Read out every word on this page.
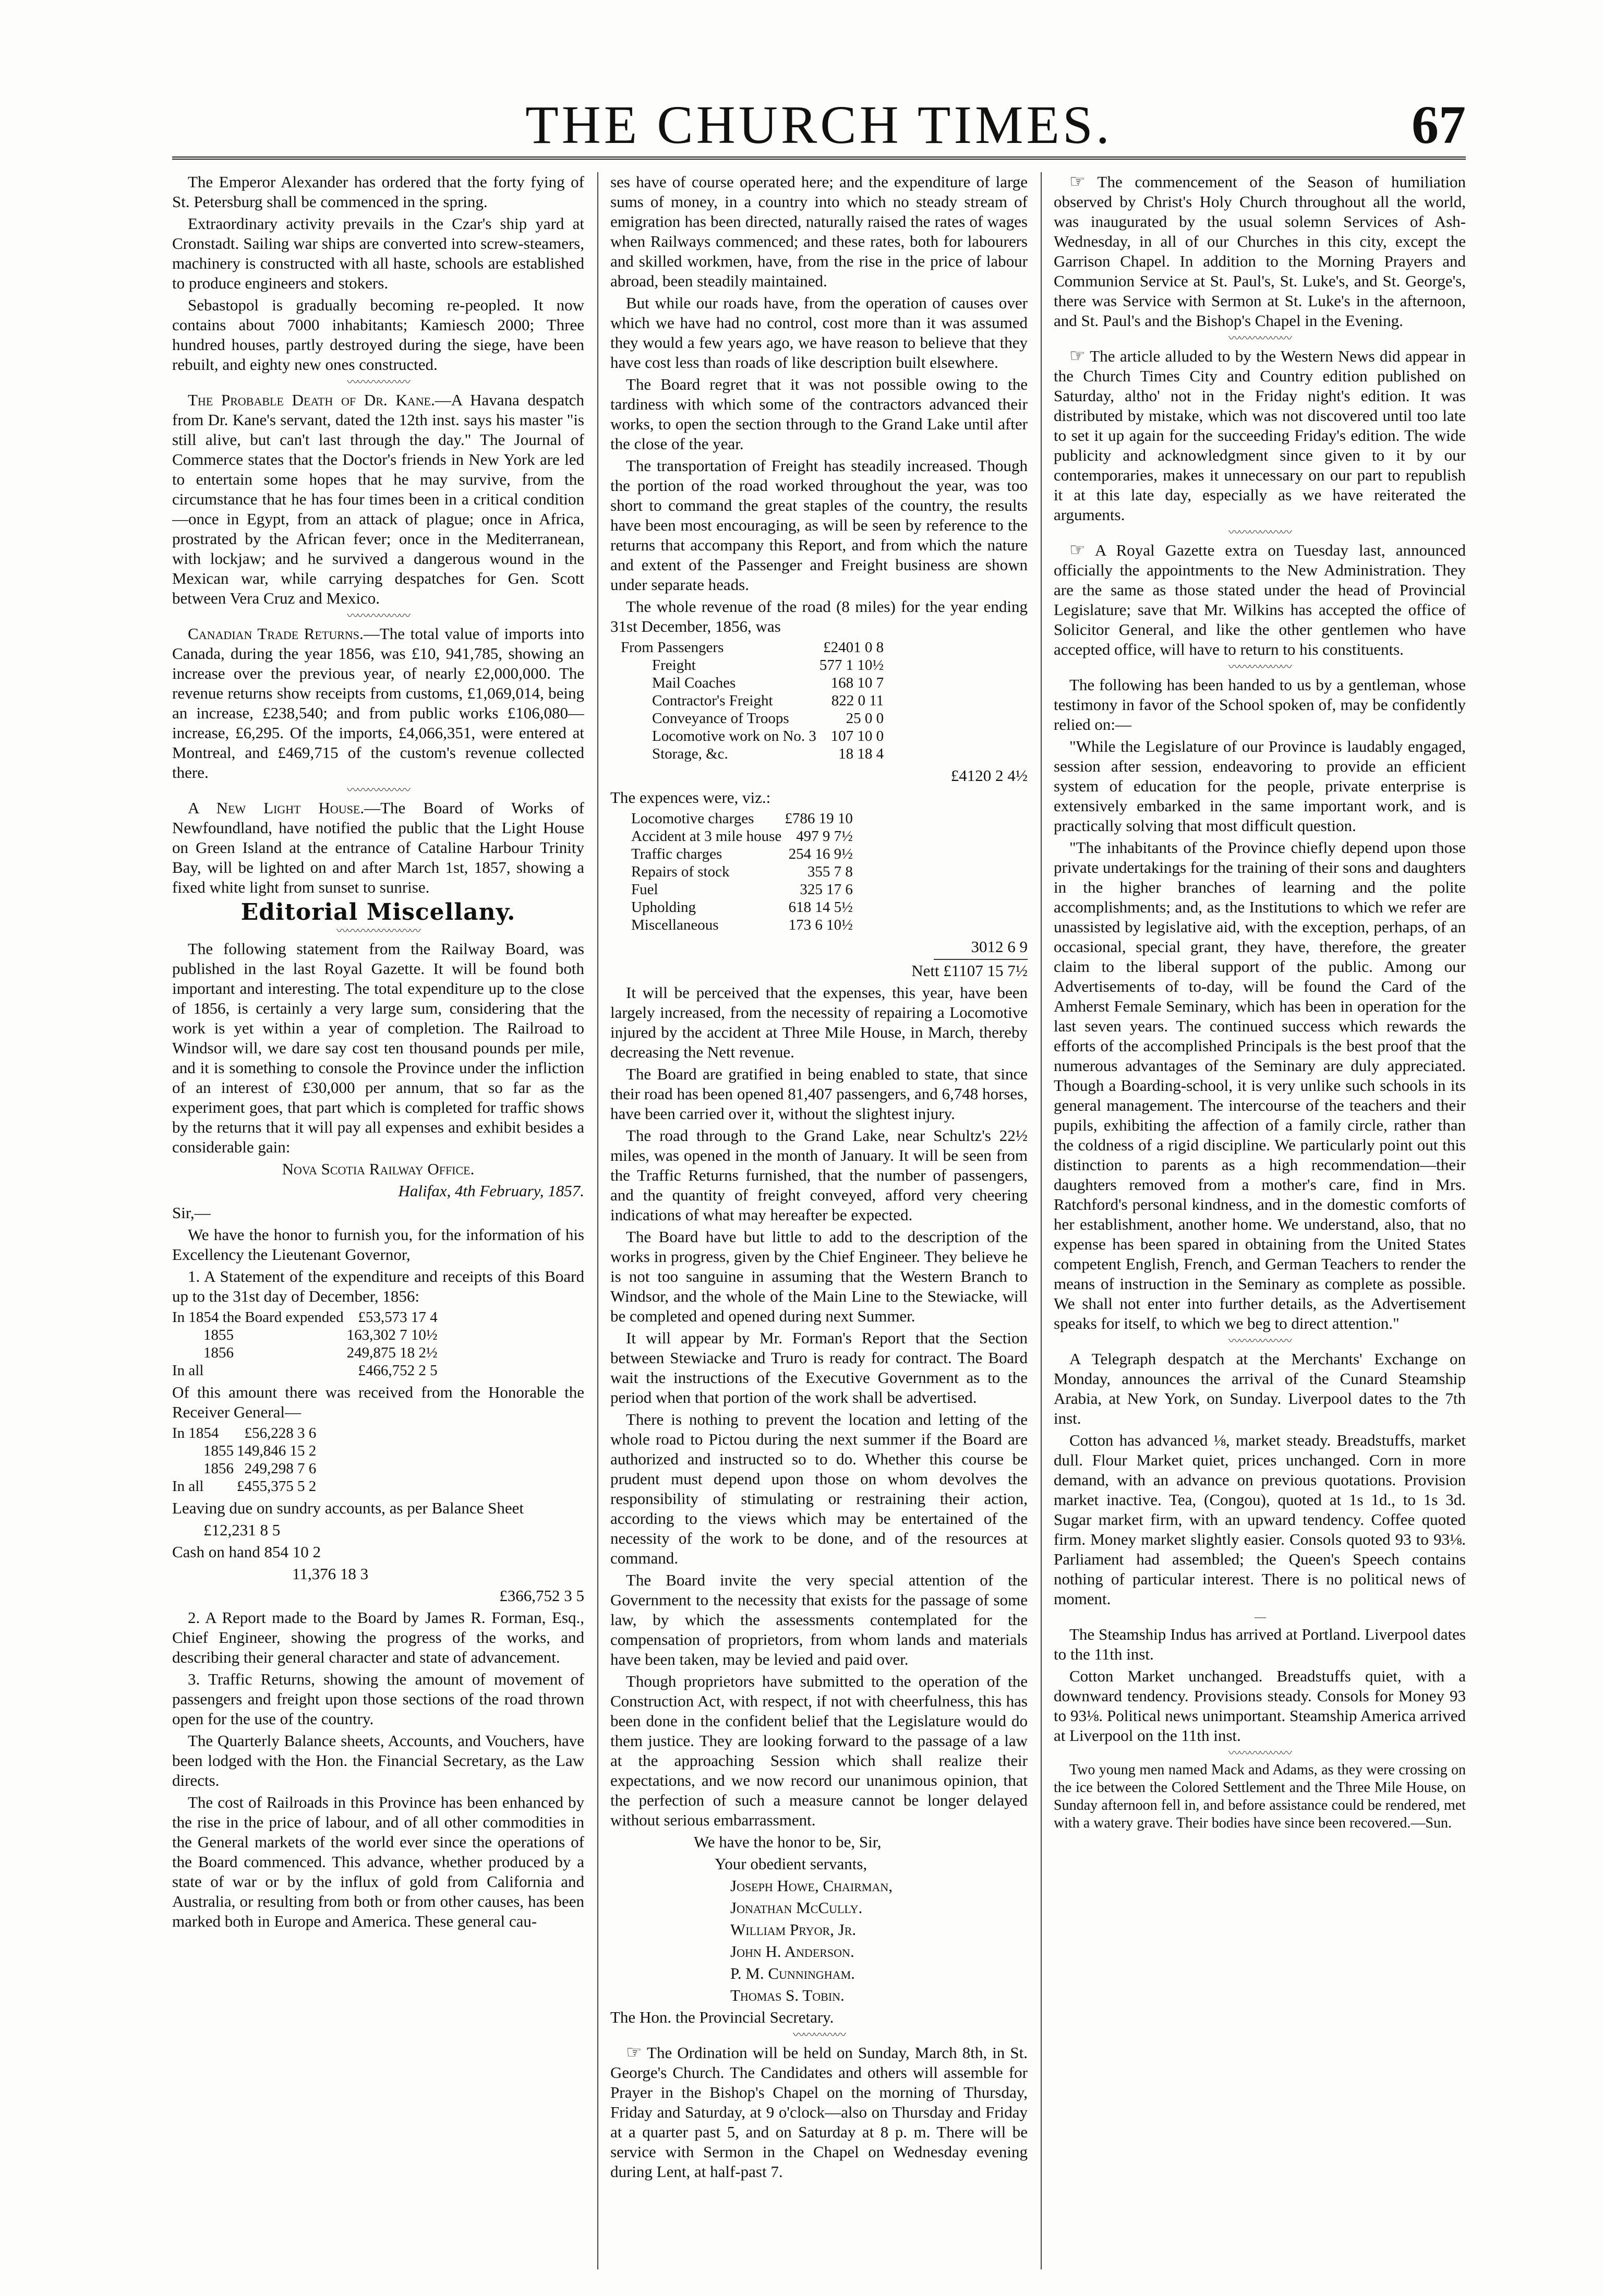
THE CHURCH TIMES.	67

The Emperor Alexander has ordered that the forty fying of St. Petersburg shall be commenced in the spring.

Extraordinary activity prevails in the Czar's ship yard at Cronstadt. Sailing war ships are converted into screw-steamers, machinery is constructed with all haste, schools are established to produce engineers and stokers.

Sebastopol is gradually becoming re-peopled. It now contains about 7000 inhabitants; Kamiesch 2000; Three hundred houses, partly destroyed during the siege, have been rebuilt, and eighty new ones constructed.

〰〰〰〰〰〰

The Probable Death of Dr. Kane.—A Havana despatch from Dr. Kane's servant, dated the 12th inst. says his master "is still alive, but can't last through the day." The Journal of Commerce states that the Doctor's friends in New York are led to entertain some hopes that he may survive, from the circumstance that he has four times been in a critical condition—once in Egypt, from an attack of plague; once in Africa, prostrated by the African fever; once in the Mediterranean, with lockjaw; and he survived a dangerous wound in the Mexican war, while carrying despatches for Gen. Scott between Vera Cruz and Mexico.

〰〰〰〰〰〰

Canadian Trade Returns.—The total value of imports into Canada, during the year 1856, was £10, 941,785, showing an increase over the previous year, of nearly £2,000,000. The revenue returns show receipts from customs, £1,069,014, being an increase, £238,540; and from public works £106,080—increase, £6,295. Of the imports, £4,066,351, were entered at Montreal, and £469,715 of the custom's revenue collected there.

〰〰〰〰〰〰

A New Light House.—The Board of Works of Newfoundland, have notified the public that the Light House on Green Island at the entrance of Cataline Harbour Trinity Bay, will be lighted on and after March 1st, 1857, showing a fixed white light from sunset to sunrise.

Editorial Miscellany.
〰〰〰〰〰〰〰〰

The following statement from the Railway Board, was published in the last Royal Gazette. It will be found both important and interesting. The total expenditure up to the close of 1856, is certainly a very large sum, considering that the work is yet within a year of completion. The Railroad to Windsor will, we dare say cost ten thousand pounds per mile, and it is something to console the Province under the infliction of an interest of £30,000 per annum, that so far as the experiment goes, that part which is completed for traffic shows by the returns that it will pay all expenses and exhibit besides a considerable gain:

Nova Scotia Railway Office.

Halifax, 4th February, 1857.

Sir,—

We have the honor to furnish you, for the information of his Excellency the Lieutenant Governor,

1. A Statement of the expenditure and receipts of this Board up to the 31st day of December, 1856:

In 1854 the Board expended	£53,573 17 4
1855	163,302 7 10½
1856	249,875 18 2½
In all	£466,752 2 5

Of this amount there was received from the Honorable the Receiver General—

In 1854	£56,228 3 6
1855	149,846 15 2
1856	249,298 7 6
In all	£455,375 5 2

Leaving due on sundry accounts, as per Balance Sheet

£12,231 8 5

Cash on hand 854 10 2

11,376 18 3

£366,752 3 5

2. A Report made to the Board by James R. Forman, Esq., Chief Engineer, showing the progress of the works, and describing their general character and state of advancement.

3. Traffic Returns, showing the amount of movement of passengers and freight upon those sections of the road thrown open for the use of the country.

The Quarterly Balance sheets, Accounts, and Vouchers, have been lodged with the Hon. the Financial Secretary, as the Law directs.

The cost of Railroads in this Province has been enhanced by the rise in the price of labour, and of all other commodities in the General markets of the world ever since the operations of the Board commenced. This advance, whether produced by a state of war or by the influx of gold from California and Australia, or resulting from both or from other causes, has been marked both in Europe and America. These general cau-

ses have of course operated here; and the expenditure of large sums of money, in a country into which no steady stream of emigration has been directed, naturally raised the rates of wages when Railways commenced; and these rates, both for labourers and skilled workmen, have, from the rise in the price of labour abroad, been steadily maintained.

But while our roads have, from the operation of causes over which we have had no control, cost more than it was assumed they would a few years ago, we have reason to believe that they have cost less than roads of like description built elsewhere.

The Board regret that it was not possible owing to the tardiness with which some of the contractors advanced their works, to open the section through to the Grand Lake until after the close of the year.

The transportation of Freight has steadily increased. Though the portion of the road worked throughout the year, was too short to command the great staples of the country, the results have been most encouraging, as will be seen by reference to the returns that accompany this Report, and from which the nature and extent of the Passenger and Freight business are shown under separate heads.

The whole revenue of the road (8 miles) for the year ending 31st December, 1856, was

From Passengers	£2401 0 8
Freight	577 1 10½
Mail Coaches	168 10 7
Contractor's Freight	822 0 11
Conveyance of Troops	25 0 0
Locomotive work on No. 3	107 10 0
Storage, &c.	18 18 4

£4120 2 4½

The expences were, viz.:

Locomotive charges	£786 19 10
Accident at 3 mile house	497 9 7½
Traffic charges	254 16 9½
Repairs of stock	355 7 8
Fuel	325 17 6
Upholding	618 14 5½
Miscellaneous	173 6 10½

3012 6 9

Nett £1107 15 7½

It will be perceived that the expenses, this year, have been largely increased, from the necessity of repairing a Locomotive injured by the accident at Three Mile House, in March, thereby decreasing the Nett revenue.

The Board are gratified in being enabled to state, that since their road has been opened 81,407 passengers, and 6,748 horses, have been carried over it, without the slightest injury.

The road through to the Grand Lake, near Schultz's 22½ miles, was opened in the month of January. It will be seen from the Traffic Returns furnished, that the number of passengers, and the quantity of freight conveyed, afford very cheering indications of what may hereafter be expected.

The Board have but little to add to the description of the works in progress, given by the Chief Engineer. They believe he is not too sanguine in assuming that the Western Branch to Windsor, and the whole of the Main Line to the Stewiacke, will be completed and opened during next Summer.

It will appear by Mr. Forman's Report that the Section between Stewiacke and Truro is ready for contract. The Board wait the instructions of the Executive Government as to the period when that portion of the work shall be advertised.

There is nothing to prevent the location and letting of the whole road to Pictou during the next summer if the Board are authorized and instructed so to do. Whether this course be prudent must depend upon those on whom devolves the responsibility of stimulating or restraining their action, according to the views which may be entertained of the necessity of the work to be done, and of the resources at command.

The Board invite the very special attention of the Government to the necessity that exists for the passage of some law, by which the assessments contemplated for the compensation of proprietors, from whom lands and materials have been taken, may be levied and paid over.

Though proprietors have submitted to the operation of the Construction Act, with respect, if not with cheerfulness, this has been done in the confident belief that the Legislature would do them justice. They are looking forward to the passage of a law at the approaching Session which shall realize their expectations, and we now record our unanimous opinion, that the perfection of such a measure cannot be longer delayed without serious embarrassment.

We have the honor to be, Sir,

Your obedient servants,

Joseph Howe, Chairman,

Jonathan McCully.

William Pryor, Jr.

John H. Anderson.

P. M. Cunningham.

Thomas S. Tobin.

The Hon. the Provincial Secretary.

〰〰〰〰〰

☞ The Ordination will be held on Sunday, March 8th, in St. George's Church. The Candidates and others will assemble for Prayer in the Bishop's Chapel on the morning of Thursday, Friday and Saturday, at 9 o'clock—also on Thursday and Friday at a quarter past 5, and on Saturday at 8 p. m. There will be service with Sermon in the Chapel on Wednesday evening during Lent, at half-past 7.

☞ The commencement of the Season of humiliation observed by Christ's Holy Church throughout all the world, was inaugurated by the usual solemn Services of Ash-Wednesday, in all of our Churches in this city, except the Garrison Chapel. In addition to the Morning Prayers and Communion Service at St. Paul's, St. Luke's, and St. George's, there was Service with Sermon at St. Luke's in the afternoon, and St. Paul's and the Bishop's Chapel in the Evening.

〰〰〰〰〰〰

☞ The article alluded to by the Western News did appear in the Church Times City and Country edition published on Saturday, altho' not in the Friday night's edition. It was distributed by mistake, which was not discovered until too late to set it up again for the succeeding Friday's edition. The wide publicity and acknowledgment since given to it by our contemporaries, makes it unnecessary on our part to republish it at this late day, especially as we have reiterated the arguments.

〰〰〰〰〰〰

☞ A Royal Gazette extra on Tuesday last, announced officially the appointments to the New Administration. They are the same as those stated under the head of Provincial Legislature; save that Mr. Wilkins has accepted the office of Solicitor General, and like the other gentlemen who have accepted office, will have to return to his constituents.

〰〰〰〰〰〰

The following has been handed to us by a gentleman, whose testimony in favor of the School spoken of, may be confidently relied on:—

"While the Legislature of our Province is laudably engaged, session after session, endeavoring to provide an efficient system of education for the people, private enterprise is extensively embarked in the same important work, and is practically solving that most difficult question.

"The inhabitants of the Province chiefly depend upon those private undertakings for the training of their sons and daughters in the higher branches of learning and the polite accomplishments; and, as the Institutions to which we refer are unassisted by legislative aid, with the exception, perhaps, of an occasional, special grant, they have, therefore, the greater claim to the liberal support of the public. Among our Advertisements of to-day, will be found the Card of the Amherst Female Seminary, which has been in operation for the last seven years. The continued success which rewards the efforts of the accomplished Principals is the best proof that the numerous advantages of the Seminary are duly appreciated. Though a Boarding-school, it is very unlike such schools in its general management. The intercourse of the teachers and their pupils, exhibiting the affection of a family circle, rather than the coldness of a rigid discipline. We particularly point out this distinction to parents as a high recommendation—their daughters removed from a mother's care, find in Mrs. Ratchford's personal kindness, and in the domestic comforts of her establishment, another home. We understand, also, that no expense has been spared in obtaining from the United States competent English, French, and German Teachers to render the means of instruction in the Seminary as complete as possible. We shall not enter into further details, as the Advertisement speaks for itself, to which we beg to direct attention."

〰〰〰〰〰〰

A Telegraph despatch at the Merchants' Exchange on Monday, announces the arrival of the Cunard Steamship Arabia, at New York, on Sunday. Liverpool dates to the 7th inst.

Cotton has advanced ⅛, market steady. Breadstuffs, market dull. Flour Market quiet, prices unchanged. Corn in more demand, with an advance on previous quotations. Provision market inactive. Tea, (Congou), quoted at 1s 1d., to 1s 3d. Sugar market firm, with an upward tendency. Coffee quoted firm. Money market slightly easier. Consols quoted 93 to 93⅛. Parliament had assembled; the Queen's Speech contains nothing of particular interest. There is no political news of moment.

—

The Steamship Indus has arrived at Portland. Liverpool dates to the 11th inst.

Cotton Market unchanged. Breadstuffs quiet, with a downward tendency. Provisions steady. Consols for Money 93 to 93⅛. Political news unimportant. Steamship America arrived at Liverpool on the 11th inst.

〰〰〰〰〰〰

Two young men named Mack and Adams, as they were crossing on the ice between the Colored Settlement and the Three Mile House, on Sunday afternoon fell in, and before assistance could be rendered, met with a watery grave. Their bodies have since been recovered.—Sun.
